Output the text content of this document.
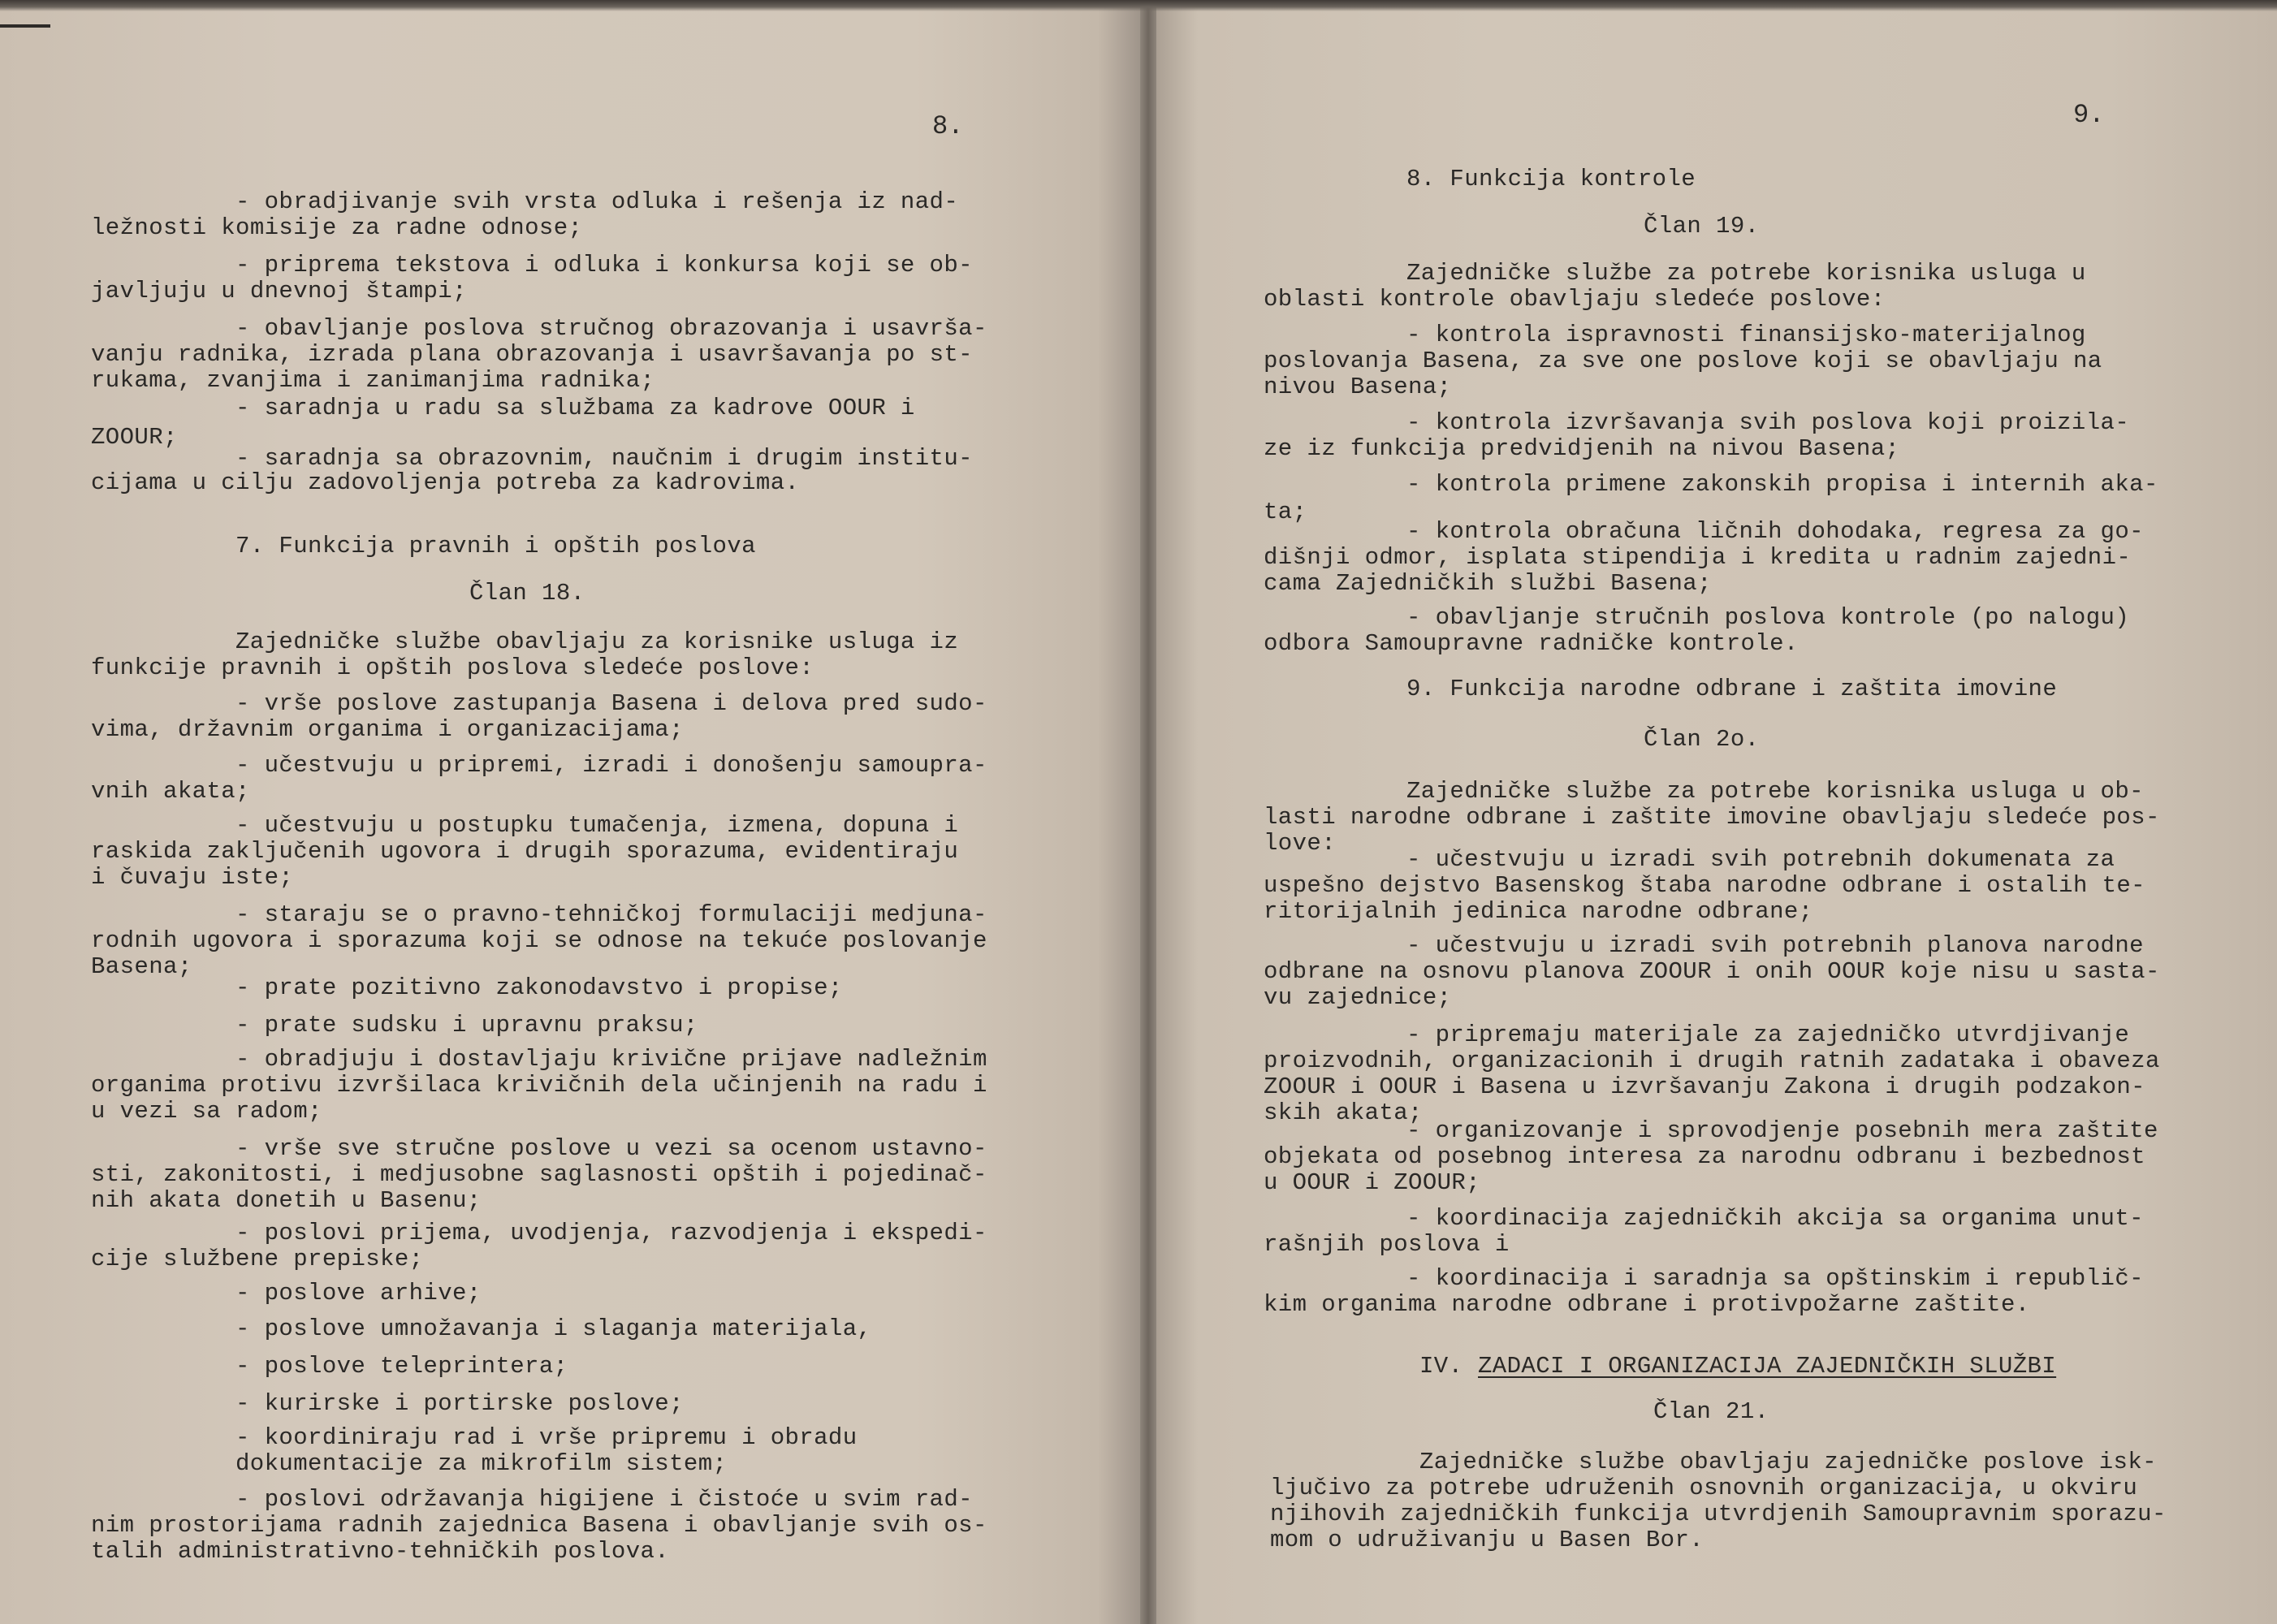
8.

- obradjivanje svih vrsta odluka i rešenja iz nad-

ležnosti komisije za radne odnose;

- priprema tekstova i odluka i konkursa koji se ob-

javljuju u dnevnoj štampi;

- obavljanje poslova stručnog obrazovanja i usavrša-

vanju radnika, izrada plana obrazovanja i usavršavanja po st-

rukama, zvanjima i zanimanjima radnika;

- saradnja u radu sa službama za kadrove OOUR i

ZOOUR;

- saradnja sa obrazovnim, naučnim i drugim institu-

cijama u cilju zadovoljenja potreba za kadrovima.

7. Funkcija pravnih i opštih poslova

Član 18.

Zajedničke službe obavljaju za korisnike usluga iz

funkcije pravnih i opštih poslova sledeće poslove:

- vrše poslove zastupanja Basena i delova pred sudo-

vima, državnim organima i organizacijama;

- učestvuju u pripremi, izradi i donošenju samoupra-

vnih akata;

- učestvuju u postupku tumačenja, izmena, dopuna i

raskida zaključenih ugovora i drugih sporazuma, evidentiraju

i čuvaju iste;

- staraju se o pravno-tehničkoj formulaciji medjuna-

rodnih ugovora i sporazuma koji se odnose na tekuće poslovanje

Basena;

- prate pozitivno zakonodavstvo i propise;

- prate sudsku i upravnu praksu;

- obradjuju i dostavljaju krivične prijave nadležnim

organima protivu izvršilaca krivičnih dela učinjenih na radu i

u vezi sa radom;

- vrše sve stručne poslove u vezi sa ocenom ustavno-

sti, zakonitosti, i medjusobne saglasnosti opštih i pojedinač-

nih akata donetih u Basenu;

- poslovi prijema, uvodjenja, razvodjenja i ekspedi-

cije službene prepiske;

- poslove arhive;

- poslove umnožavanja i slaganja materijala,

- poslove teleprintera;

- kurirske i portirske poslove;

- koordiniraju rad i vrše pripremu i obradu

dokumentacije za mikrofilm sistem;

- poslovi održavanja higijene i čistoće u svim rad-

nim prostorijama radnih zajednica Basena i obavljanje svih os-

talih administrativno-tehničkih poslova.

9.

8. Funkcija kontrole

Član 19.

Zajedničke službe za potrebe korisnika usluga u

oblasti kontrole obavljaju sledeće poslove:

- kontrola ispravnosti finansijsko-materijalnog

poslovanja Basena, za sve one poslove koji se obavljaju na

nivou Basena;

- kontrola izvršavanja svih poslova koji proizila-

ze iz funkcija predvidjenih na nivou Basena;

- kontrola primene zakonskih propisa i internih aka-

ta;

- kontrola obračuna ličnih dohodaka, regresa za go-

dišnji odmor, isplata stipendija i kredita u radnim zajedni-

cama Zajedničkih službi Basena;

- obavljanje stručnih poslova kontrole (po nalogu)

odbora Samoupravne radničke kontrole.

9. Funkcija narodne odbrane i zaštita imovine

Član 2o.

Zajedničke službe za potrebe korisnika usluga u ob-

lasti narodne odbrane i zaštite imovine obavljaju sledeće pos-

love:

- učestvuju u izradi svih potrebnih dokumenata za

uspešno dejstvo Basenskog štaba narodne odbrane i ostalih te-

ritorijalnih jedinica narodne odbrane;

- učestvuju u izradi svih potrebnih planova narodne

odbrane na osnovu planova ZOOUR i onih OOUR koje nisu u sasta-

vu zajednice;

- pripremaju materijale za zajedničko utvrdjivanje

proizvodnih, organizacionih i drugih ratnih zadataka i obaveza

ZOOUR i OOUR i Basena u izvršavanju Zakona i drugih podzakon-

skih akata;

- organizovanje i sprovodjenje posebnih mera zaštite

objekata od posebnog interesa za narodnu odbranu i bezbednost

u OOUR i ZOOUR;

- koordinacija zajedničkih akcija sa organima unut-

rašnjih poslova i

- koordinacija i saradnja sa opštinskim i republič-

kim organima narodne odbrane i protivpožarne zaštite.

IV. ZADACI I ORGANIZACIJA ZAJEDNIČKIH SLUŽBI

Član 21.

Zajedničke službe obavljaju zajedničke poslove isk-

ljučivo za potrebe udruženih osnovnih organizacija, u okviru

njihovih zajedničkih funkcija utvrdjenih Samoupravnim sporazu-

mom o udruživanju u Basen Bor.
